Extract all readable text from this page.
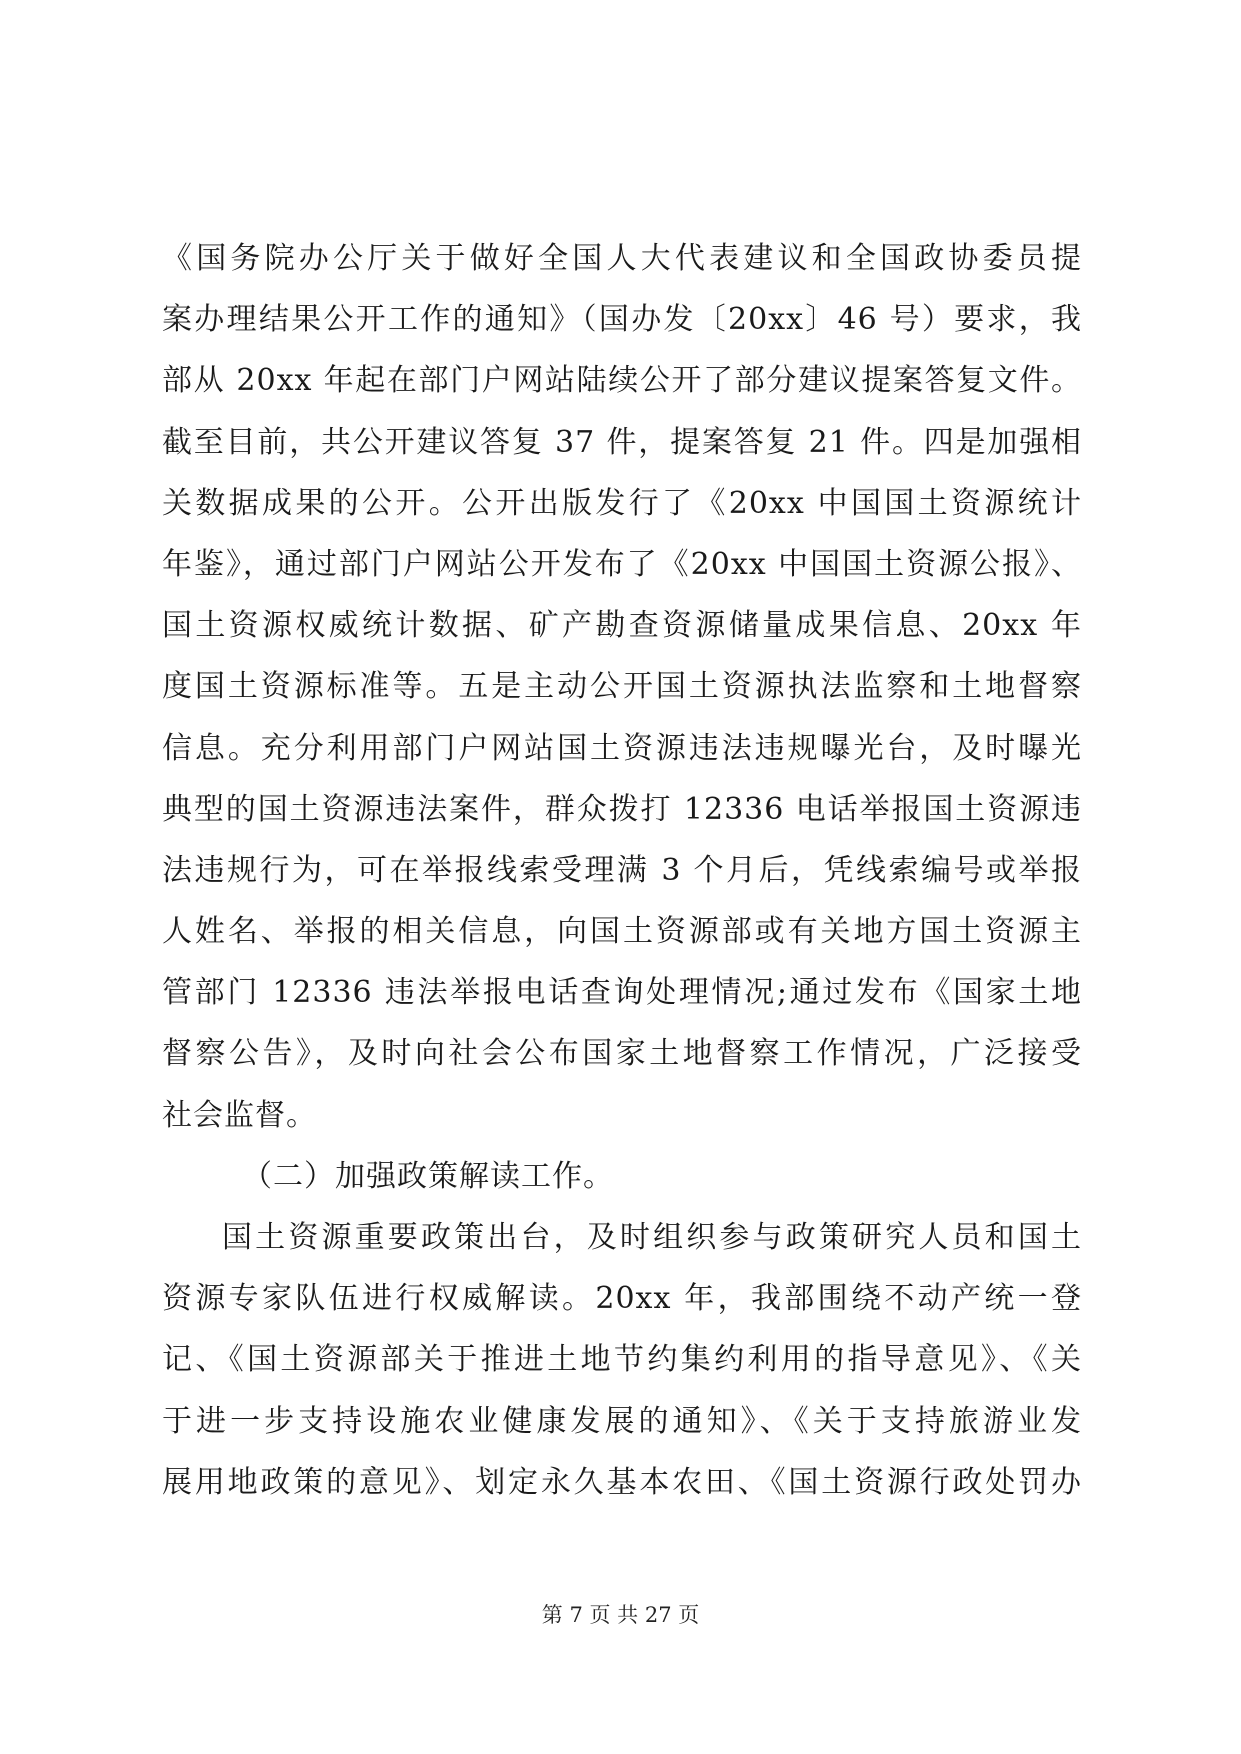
《国务院办公厅关于做好全国人大代表建议和全国政协委员提
案办理结果公开工作的通知》（国办发〔20xx〕46 号）要求，我
部从 20xx 年起在部门户网站陆续公开了部分建议提案答复文件。
截至目前，共公开建议答复 37 件，提案答复 21 件。四是加强相
关数据成果的公开。公开出版发行了《20xx 中国国土资源统计
年鉴》，通过部门户网站公开发布了《20xx 中国国土资源公报》、
国土资源权威统计数据、矿产勘查资源储量成果信息、20xx 年
度国土资源标准等。五是主动公开国土资源执法监察和土地督察
信息。充分利用部门户网站国土资源违法违规曝光台，及时曝光
典型的国土资源违法案件，群众拨打 12336 电话举报国土资源违
法违规行为，可在举报线索受理满 3 个月后，凭线索编号或举报
人姓名、举报的相关信息，向国土资源部或有关地方国土资源主
管部门 12336 违法举报电话查询处理情况;通过发布《国家土地
督察公告》，及时向社会公布国家土地督察工作情况，广泛接受
社会监督。
（二）加强政策解读工作。
国土资源重要政策出台，及时组织参与政策研究人员和国土
资源专家队伍进行权威解读。20xx 年，我部围绕不动产统一登
记、《国土资源部关于推进土地节约集约利用的指导意见》、《关
于进一步支持设施农业健康发展的通知》、《关于支持旅游业发
展用地政策的意见》、划定永久基本农田、《国土资源行政处罚办
第 7 页 共 27 页
